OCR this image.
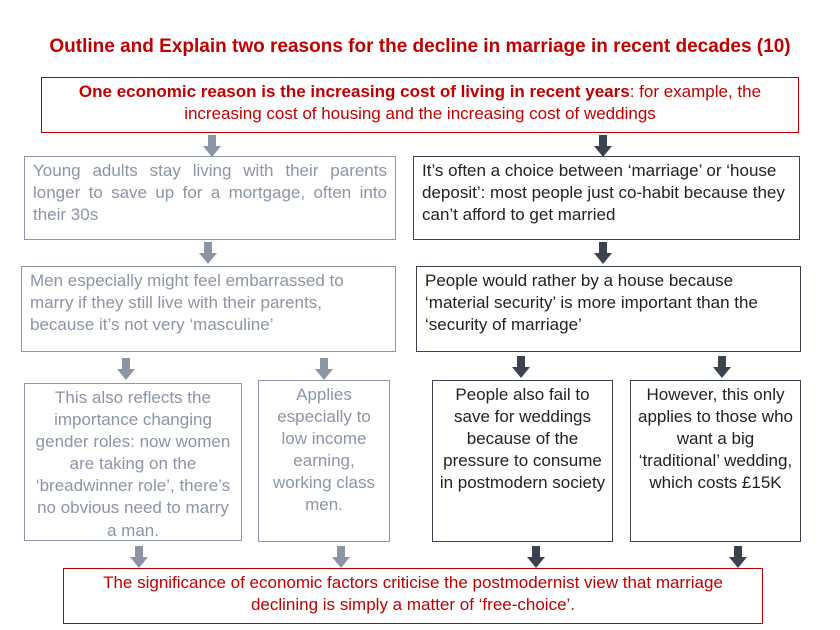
Outline and Explain two reasons for the decline in marriage in recent decades (10)
One economic reason is the increasing cost of living in recent years: for example, the increasing cost of housing and the increasing cost of weddings
Young adults stay living with their parents longer to save up for a mortgage, often into their 30s
It’s often a choice between ‘marriage’ or ‘house deposit’: most people just co-habit because they can’t afford to get married
Men especially might feel embarrassed to marry if they still live with their parents, because it’s not very ‘masculine’
People would rather by a house because ‘material security’ is more important than the ‘security of marriage’
This also reflects the importance changing gender roles: now women are taking on the ‘breadwinner role’, there’s no obvious need to marry a man.
Applies especially to low income earning, working class men.
People also fail to save for weddings because of the pressure to consume in postmodern society
However, this only applies to those who want a big ‘traditional’ wedding, which costs £15K
The significance of economic factors criticise the postmodernist view that marriage declining is simply a matter of ‘free-choice’.
